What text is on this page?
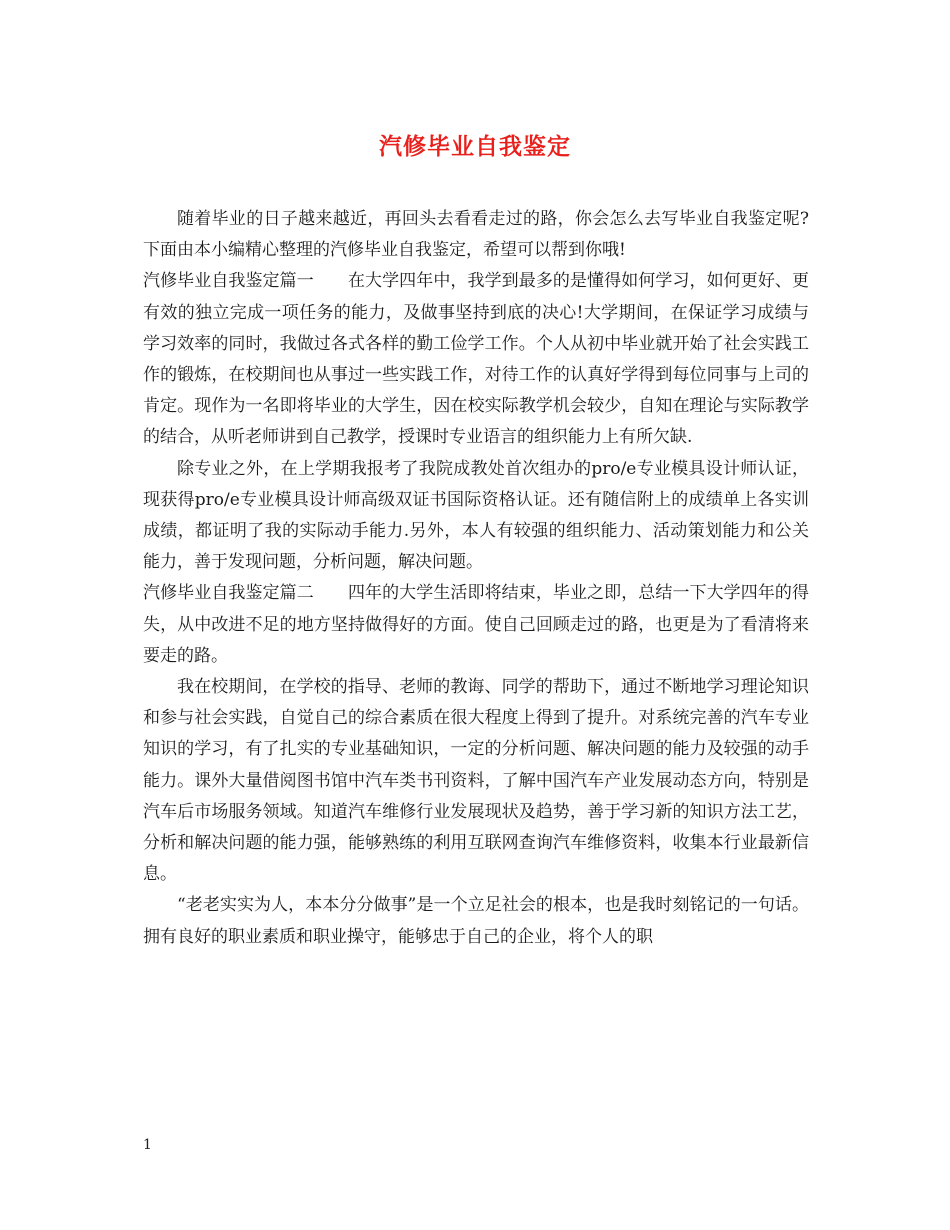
汽修毕业自我鉴定

随着毕业的日子越来越近，再回头去看看走过的路，你会怎么去写毕业自我鉴定呢?下面由本小编精心整理的汽修毕业自我鉴定，希望可以帮到你哦!

汽修毕业自我鉴定篇一　　在大学四年中，我学到最多的是懂得如何学习，如何更好、更有效的独立完成一项任务的能力，及做事坚持到底的决心!大学期间，在保证学习成绩与学习效率的同时，我做过各式各样的勤工俭学工作。个人从初中毕业就开始了社会实践工作的锻炼，在校期间也从事过一些实践工作，对待工作的认真好学得到每位同事与上司的肯定。现作为一名即将毕业的大学生，因在校实际教学机会较少，自知在理论与实际教学的结合，从听老师讲到自己教学，授课时专业语言的组织能力上有所欠缺.

除专业之外，在上学期我报考了我院成教处首次组办的pro/e专业模具设计师认证，现获得pro/e专业模具设计师高级双证书国际资格认证。还有随信附上的成绩单上各实训成绩，都证明了我的实际动手能力.另外，本人有较强的组织能力、活动策划能力和公关能力，善于发现问题，分析问题，解决问题。

汽修毕业自我鉴定篇二　　四年的大学生活即将结束，毕业之即，总结一下大学四年的得失，从中改进不足的地方坚持做得好的方面。使自己回顾走过的路，也更是为了看清将来要走的路。

我在校期间，在学校的指导、老师的教诲、同学的帮助下，通过不断地学习理论知识和参与社会实践，自觉自己的综合素质在很大程度上得到了提升。对系统完善的汽车专业知识的学习，有了扎实的专业基础知识，一定的分析问题、解决问题的能力及较强的动手能力。课外大量借阅图书馆中汽车类书刊资料，了解中国汽车产业发展动态方向，特别是汽车后市场服务领域。知道汽车维修行业发展现状及趋势，善于学习新的知识方法工艺，分析和解决问题的能力强，能够熟练的利用互联网查询汽车维修资料，收集本行业最新信息。

“老老实实为人，本本分分做事”是一个立足社会的根本，也是我时刻铭记的一句话。拥有良好的职业素质和职业操守，能够忠于自己的企业，将个人的职

1
